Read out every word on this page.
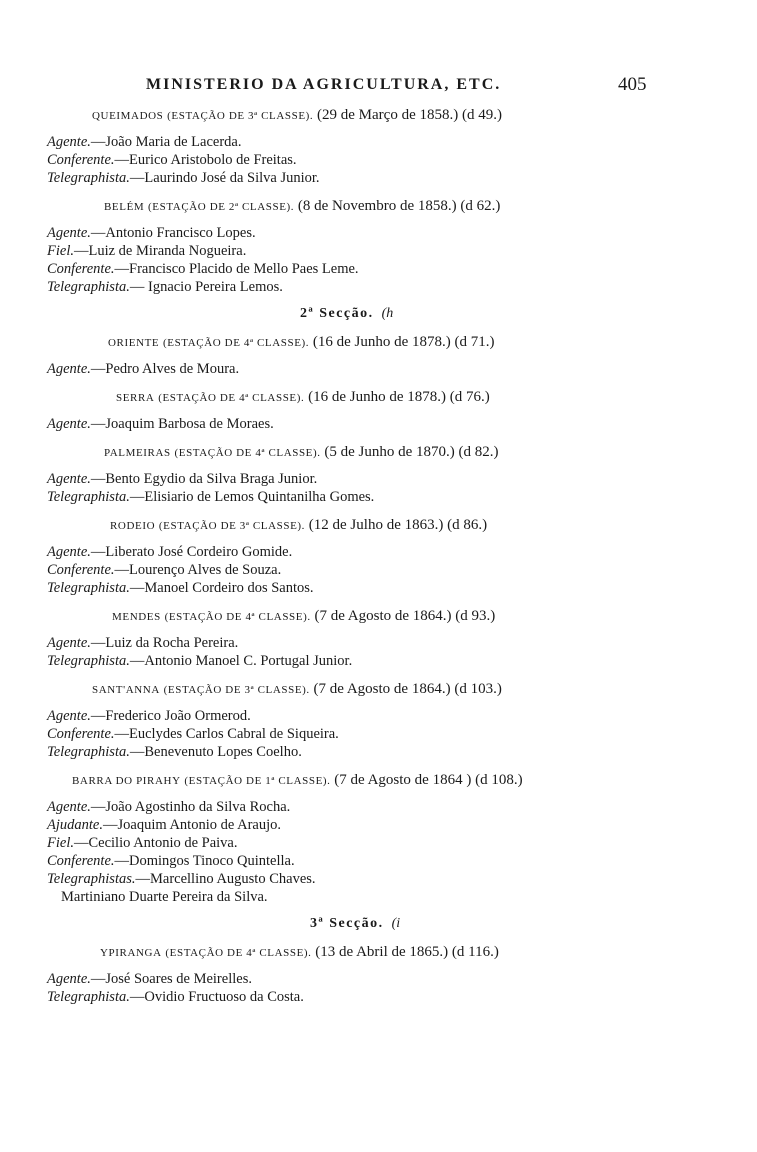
MINISTERIO DA AGRICULTURA, ETC.	405
QUEIMADOS (ESTAÇÃO DE 3ª CLASSE). (29 de Março de 1858.) (d 49.)
Agente.—João Maria de Lacerda.
Conferente.—Eurico Aristobolo de Freitas.
Telegraphista.—Laurindo José da Silva Junior.
BELÉM (ESTAÇÃO DE 2ª CLASSE). (8 de Novembro de 1858.) (d 62.)
Agente.—Antonio Francisco Lopes.
Fiel.—Luiz de Miranda Nogueira.
Conferente.—Francisco Placido de Mello Paes Leme.
Telegraphista.— Ignacio Pereira Lemos.
2ª Secção. (h
ORIENTE (ESTAÇÃO DE 4ª CLASSE). (16 de Junho de 1878.) (d 71.)
Agente.—Pedro Alves de Moura.
SERRA (ESTAÇÃO DE 4ª CLASSE). (16 de Junho de 1878.) (d 76.)
Agente.—Joaquim Barbosa de Moraes.
PALMEIRAS (ESTAÇÃO DE 4ª CLASSE). (5 de Junho de 1870.) (d 82.)
Agente.—Bento Egydio da Silva Braga Junior.
Telegraphista.—Elisiario de Lemos Quintanilha Gomes.
RODEIO (ESTAÇÃO DE 3ª CLASSE). (12 de Julho de 1863.) (d 86.)
Agente.—Liberato José Cordeiro Gomide.
Conferente.—Lourenço Alves de Souza.
Telegraphista.—Manoel Cordeiro dos Santos.
MENDES (ESTAÇÃO DE 4ª CLASSE). (7 de Agosto de 1864.) (d 93.)
Agente.—Luiz da Rocha Pereira.
Telegraphista.—Antonio Manoel C. Portugal Junior.
SANT'ANNA (ESTAÇÃO DE 3ª CLASSE). (7 de Agosto de 1864.) (d 103.)
Agente.—Frederico João Ormerod.
Conferente.—Euclydes Carlos Cabral de Siqueira.
Telegraphista.—Benevenuto Lopes Coelho.
BARRA DO PIRAHY (ESTAÇÃO DE 1ª CLASSE). (7 de Agosto de 1864 ) (d 108.)
Agente.—João Agostinho da Silva Rocha.
Ajudante.—Joaquim Antonio de Araujo.
Fiel.—Cecilio Antonio de Paiva.
Conferente.—Domingos Tinoco Quintella.
Telegraphistas.—Marcellino Augusto Chaves.
Martiniano Duarte Pereira da Silva.
3ª Secção. (i
YPIRANGA (ESTAÇÃO DE 4ª CLASSE). (13 de Abril de 1865.) (d 116.)
Agente.—José Soares de Meirelles.
Telegraphista.—Ovidio Fructuoso da Costa.
